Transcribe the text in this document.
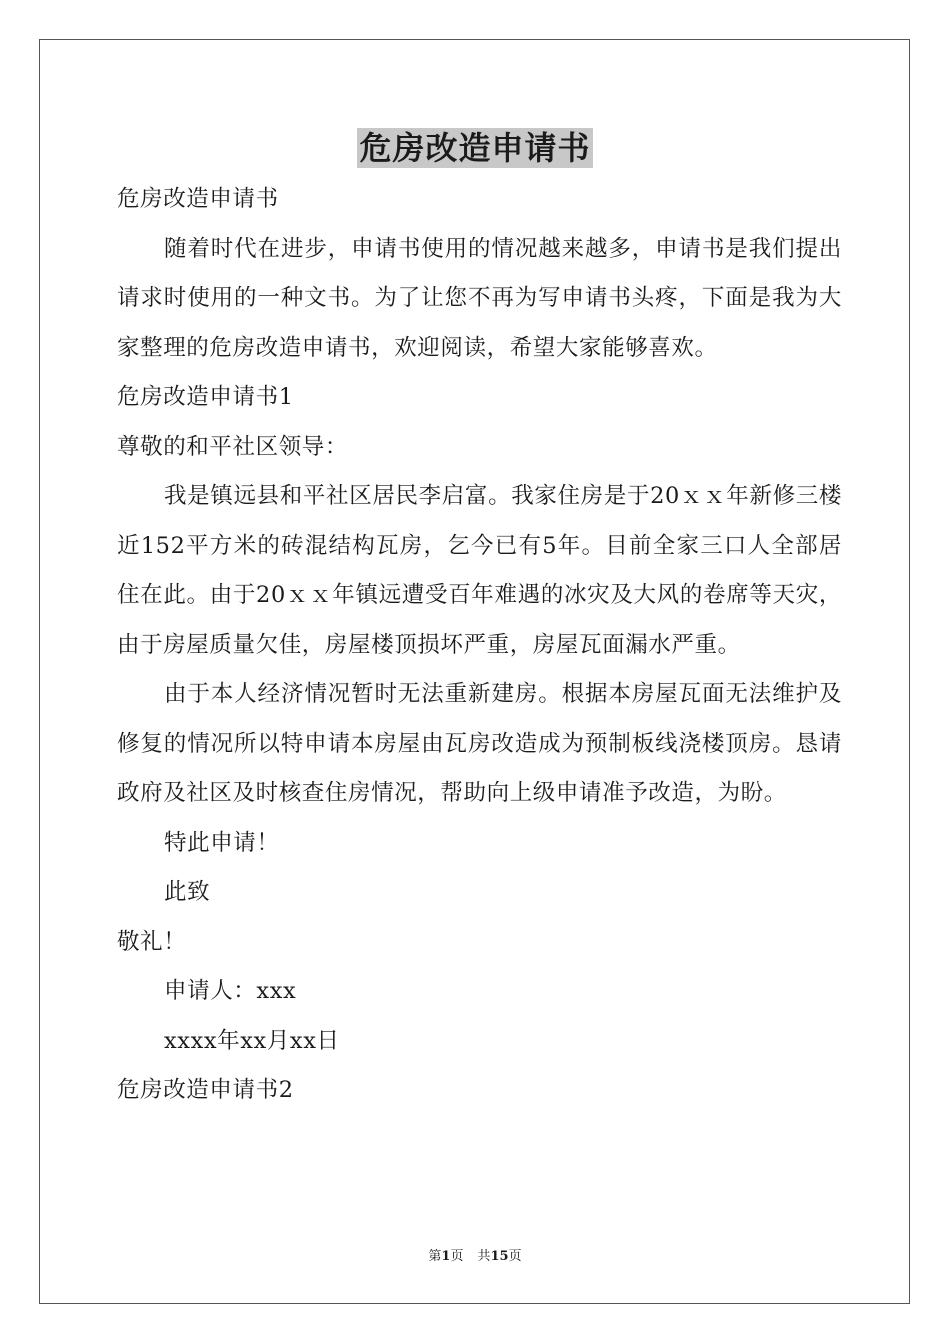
危房改造申请书

危房改造申请书

随着时代在进步，申请书使用的情况越来越多，申请书是我们提出请求时使用的一种文书。为了让您不再为写申请书头疼，下面是我为大家整理的危房改造申请书，欢迎阅读，希望大家能够喜欢。

危房改造申请书1

尊敬的和平社区领导：

我是镇远县和平社区居民李启富。我家住房是于20ｘｘ年新修三楼近152平方米的砖混结构瓦房，乞今已有5年。目前全家三口人全部居住在此。由于20ｘｘ年镇远遭受百年难遇的冰灾及大风的卷席等天灾，由于房屋质量欠佳，房屋楼顶损坏严重，房屋瓦面漏水严重。

由于本人经济情况暂时无法重新建房。根据本房屋瓦面无法维护及修复的情况所以特申请本房屋由瓦房改造成为预制板线浇楼顶房。恳请政府及社区及时核查住房情况，帮助向上级申请准予改造，为盼。

特此申请！

此致

敬礼！

申请人：xxx

xxxx年xx月xx日

危房改造申请书2

第1页 共15页
